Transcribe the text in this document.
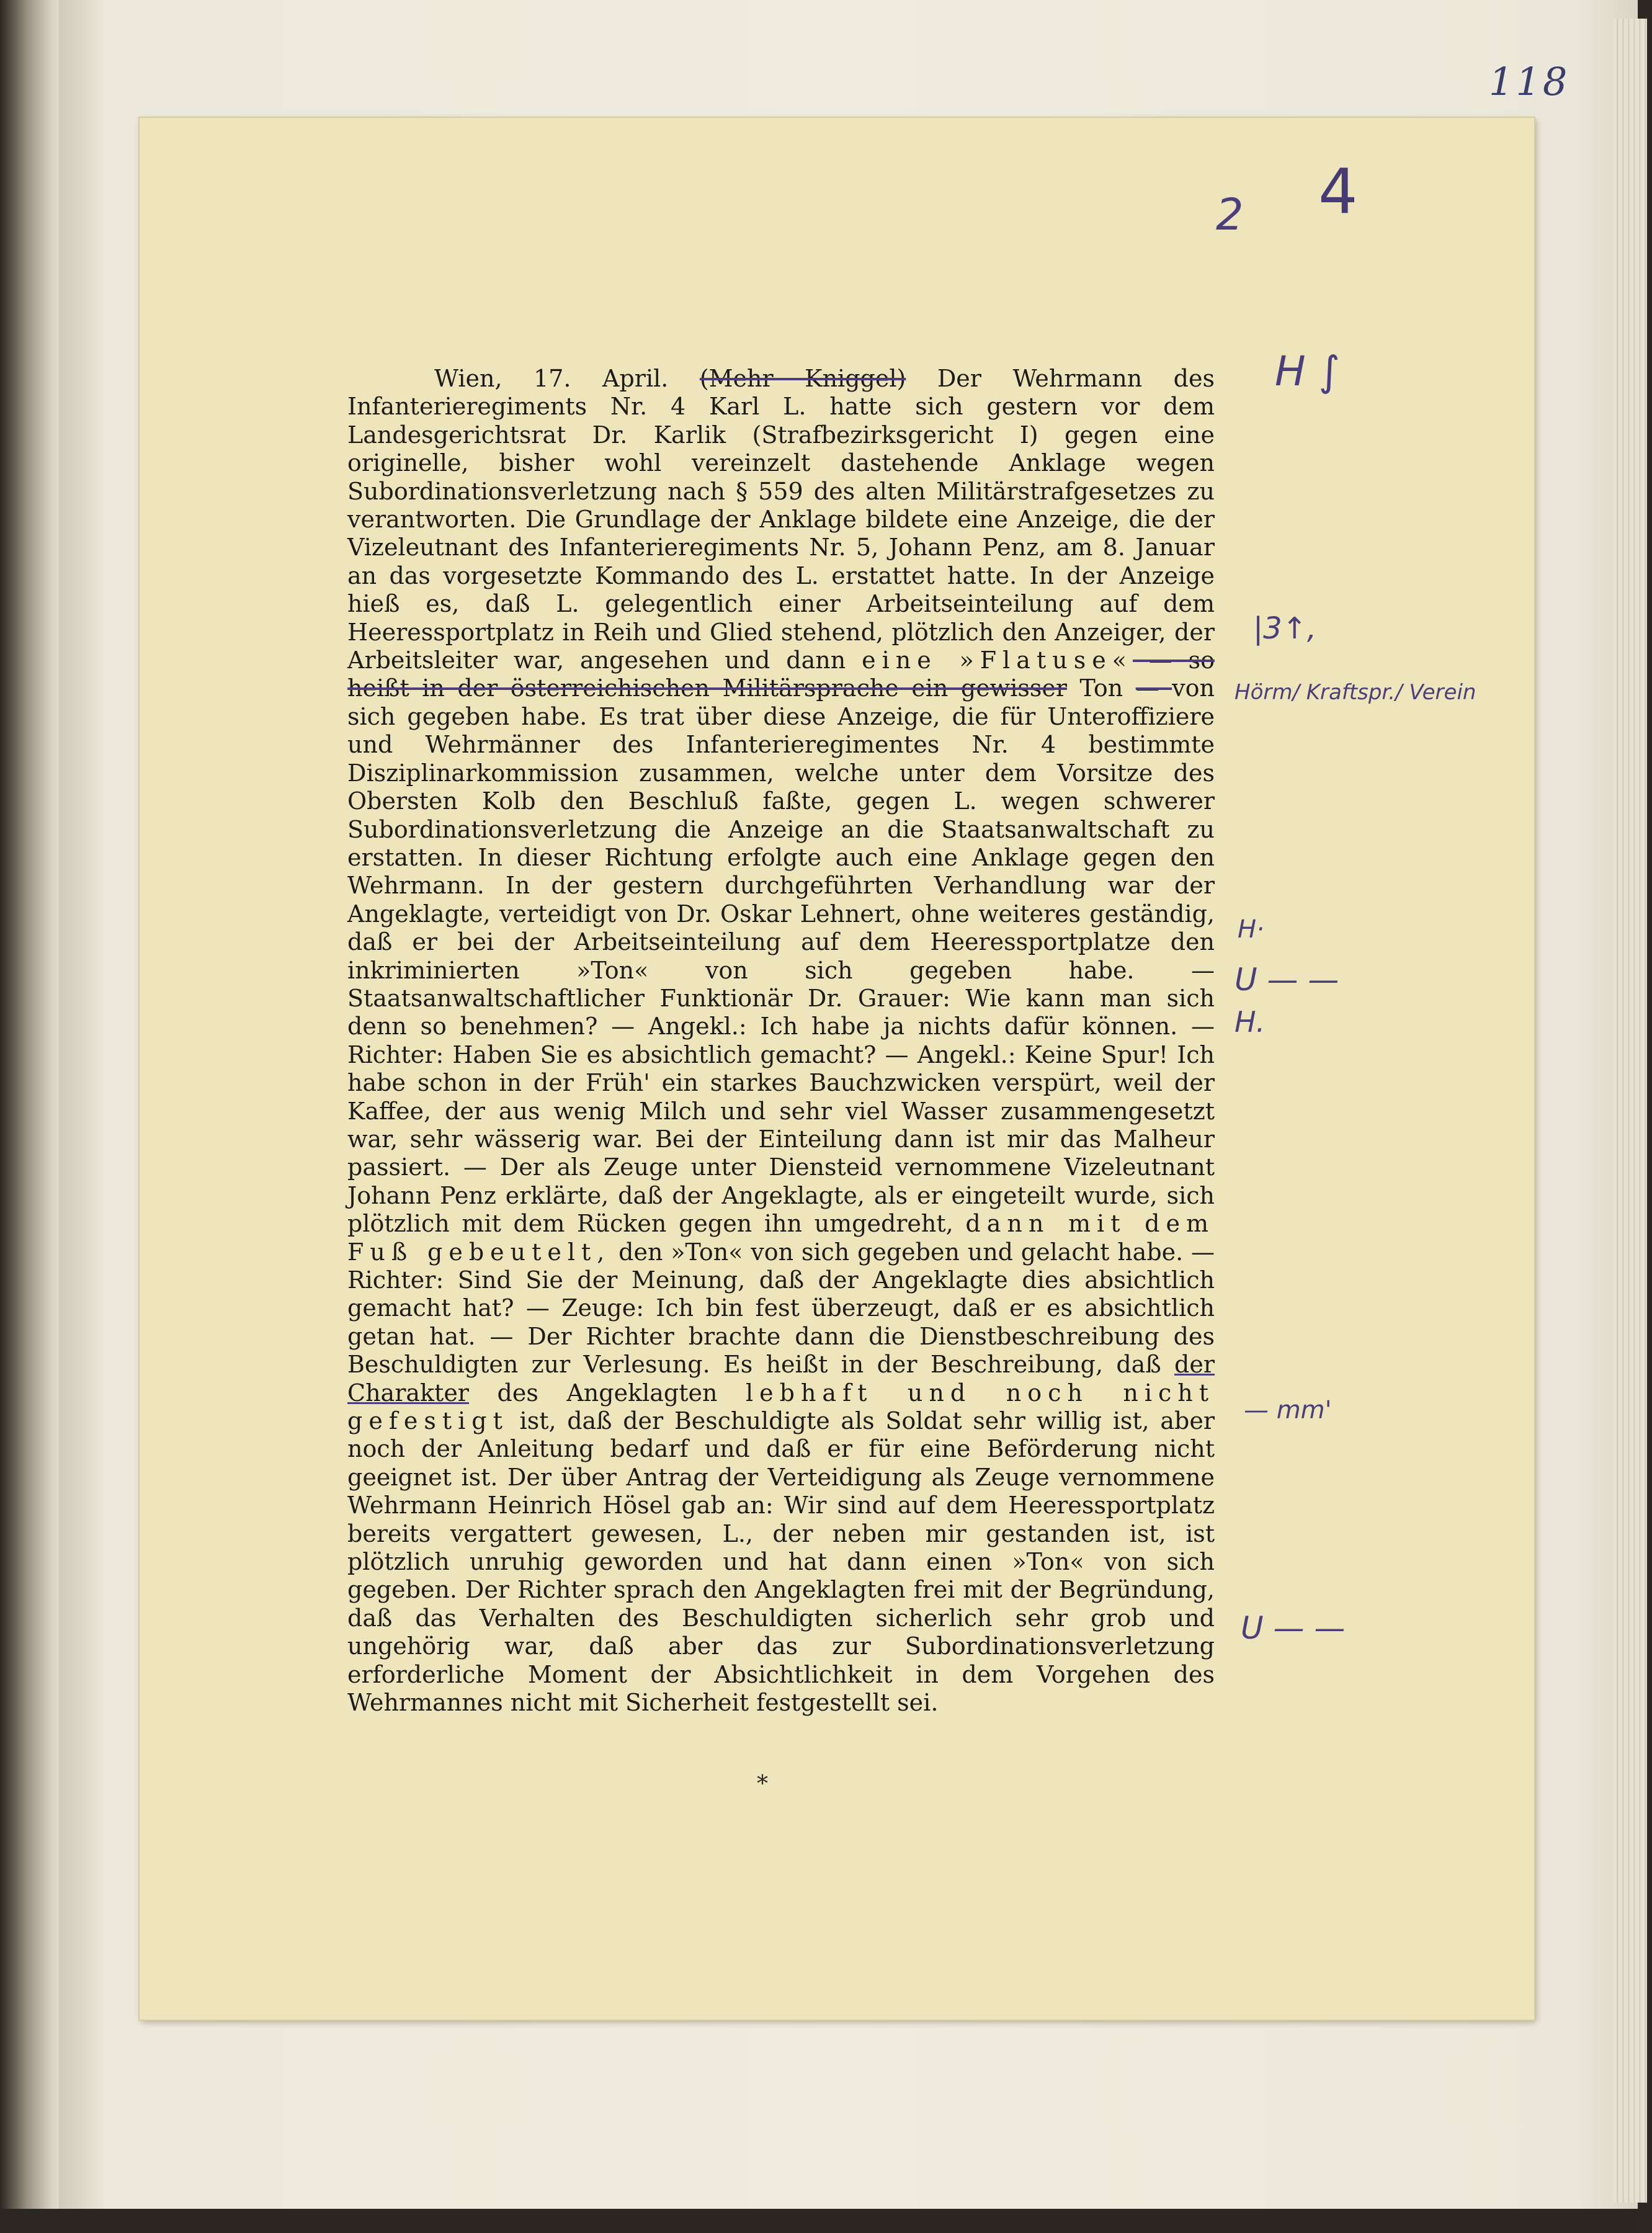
118
2 4
H ∫
|3↑,
Hörm/ Kraftspr./ Verein
H·
U — —
H.
— mm'
U — —

Wien, 17. April. (Mehr Kniggel) Der Wehrmann des Infanterieregiments Nr. 4 Karl L. hatte sich gestern vor dem Landesgerichtsrat Dr. Karlik (Strafbezirksgericht I) gegen eine originelle, bisher wohl vereinzelt dastehende Anklage wegen Subordinationsverletzung nach § 559 des alten Militärstrafgesetzes zu verantworten. Die Grundlage der Anklage bildete eine Anzeige, die der Vizeleutnant des Infanterieregiments Nr. 5, Johann Penz, am 8. Januar an das vorgesetzte Kommando des L. erstattet hatte. In der Anzeige hieß es, daß L. gelegentlich einer Arbeitseinteilung auf dem Heeressportplatz in Reih und Glied stehend, plötzlich den Anzeiger, der Arbeitsleiter war, angesehen und dann eine »Flatuse« — so heißt in der österreichischen Militärsprache ein gewisser Ton — von sich gegeben habe. Es trat über diese Anzeige, die für Unteroffiziere und Wehrmänner des Infanterieregimentes Nr. 4 bestimmte Disziplinarkommission zusammen, welche unter dem Vorsitze des Obersten Kolb den Beschluß faßte, gegen L. wegen schwerer Subordinationsverletzung die Anzeige an die Staatsanwaltschaft zu erstatten. In dieser Richtung erfolgte auch eine Anklage gegen den Wehrmann. In der gestern durchgeführten Verhandlung war der Angeklagte, verteidigt von Dr. Oskar Lehnert, ohne weiteres geständig, daß er bei der Arbeitseinteilung auf dem Heeressportplatze den inkriminierten »Ton« von sich gegeben habe. — Staatsanwaltschaftlicher Funktionär Dr. Grauer: Wie kann man sich denn so benehmen? — Angekl.: Ich habe ja nichts dafür können. — Richter: Haben Sie es absichtlich gemacht? — Angekl.: Keine Spur! Ich habe schon in der Früh' ein starkes Bauchzwicken verspürt, weil der Kaffee, der aus wenig Milch und sehr viel Wasser zusammengesetzt war, sehr wässerig war. Bei der Einteilung dann ist mir das Malheur passiert. — Der als Zeuge unter Diensteid vernommene Vizeleutnant Johann Penz erklärte, daß der Angeklagte, als er eingeteilt wurde, sich plötzlich mit dem Rücken gegen ihn umgedreht, dann mit dem Fuß gebeutelt, den »Ton« von sich gegeben und gelacht habe. — Richter: Sind Sie der Meinung, daß der Angeklagte dies absichtlich gemacht hat? — Zeuge: Ich bin fest überzeugt, daß er es absichtlich getan hat. — Der Richter brachte dann die Dienstbeschreibung des Beschuldigten zur Verlesung. Es heißt in der Beschreibung, daß der Charakter des Angeklagten lebhaft und noch nicht gefestigt ist, daß der Beschuldigte als Soldat sehr willig ist, aber noch der Anleitung bedarf und daß er für eine Beförderung nicht geeignet ist. Der über Antrag der Verteidigung als Zeuge vernommene Wehrmann Heinrich Hösel gab an: Wir sind auf dem Heeressportplatz bereits vergattert gewesen, L., der neben mir gestanden ist, ist plötzlich unruhig geworden und hat dann einen »Ton« von sich gegeben. Der Richter sprach den Angeklagten frei mit der Begründung, daß das Verhalten des Beschuldigten sicherlich sehr grob und ungehörig war, daß aber das zur Subordinationsverletzung erforderliche Moment der Absichtlichkeit in dem Vorgehen des Wehrmannes nicht mit Sicherheit festgestellt sei.

*
